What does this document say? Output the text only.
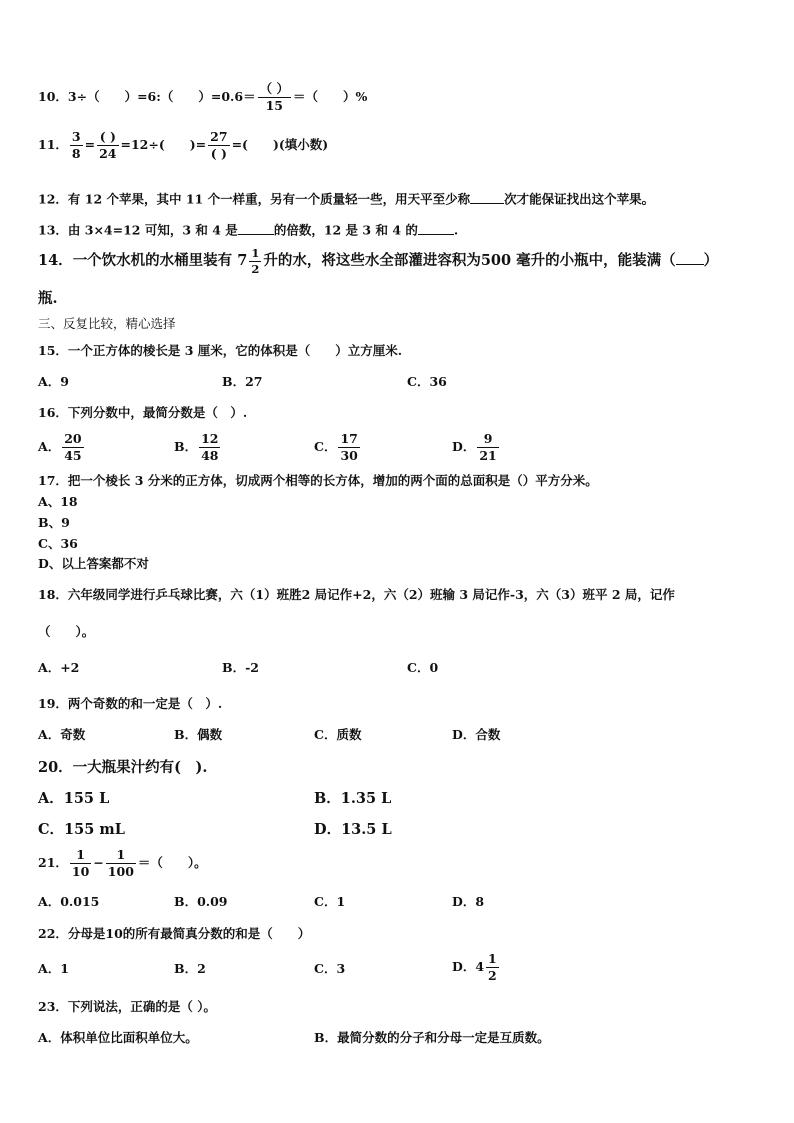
10．3÷（　　）=6:（　　）$=0.6= \frac{( )}{15}$ ＝（　　）%
11． $\frac{3}{8} = \frac{( )}{24} =12\div$(　　)= $\frac{27}{( )}$ =(　　)(填小数)
12．有 12 个苹果，其中 11 个一样重，另有一个质量轻一些，用天平至少称	次才能保证找出这个苹果。
13．由 3×4=12 可知，3 和 4 是	的倍数，12 是 3 和 4 的	.
14．一个饮水机的水桶里装有 $7 \frac{1}{2}$ 升的水，将这些水全部灌进容积为500 毫升的小瓶中，能装满（ ）
瓶.
三、反复比较，精心选择
15．一个正方体的棱长是 3 厘米，它的体积是（　　）立方厘米.
A．9	B．27	C．36
16．下列分数中，最简分数是（　）.
A． $\frac{20}{45}$	B． $\frac{12}{48}$	C． $\frac{17}{30}$	D． $\frac{9}{21}$
17．把一个棱长 3 分米的正方体，切成两个相等的长方体，增加的两个面的总面积是（）平方分米。
A、18
B、9
C、36
D、以上答案都不对
18．六年级同学进行乒乓球比赛，六（1）班胜2 局记作+2，六（2）班输 3 局记作-3，六（3）班平 2 局，记作
（　　）。
A．+2	B．-2	C．0
19．两个奇数的和一定是（　）.
A．奇数	B．偶数	C．质数	D．合数
20．一大瓶果汁约有(　).
A．155 L	B．1.35 L
C．155 mL	D．13.5 L
21． $\frac{1}{10} - \frac{1}{100}$ ＝（　　）。
A．0.015	B．0.09	C．1	D．8
22．分母是10的所有最简真分数的和是（　　）
A．1	B．2	C．3	D．$4 \frac{1}{2}$
23．下列说法，正确的是（ ）。
A．体积单位比面积单位大。	B．最简分数的分子和分母一定是互质数。
